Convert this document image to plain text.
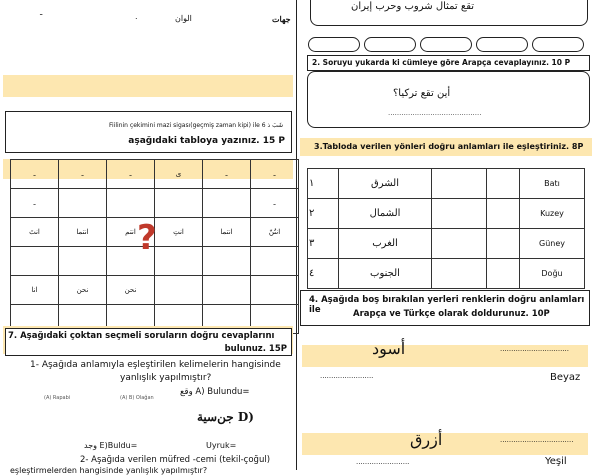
ـ	.	الوان	جهات
Fiilinin çekimini mazi sigası(geçmiş zaman kipi) ile 6 شَبَ ذ
aşağıdaki tabloya yazınız. 15 P
ـ	ـ	ـ	ى	ـ	ـ
ـ					ـ
انتَ	انتما	انتم	انتِ	انتما	انتُنّ

انا	نحن	نحن			

?
7. Aşağıdaki çoktan seçmeli soruların doğru cevaplarını
bulunuz. 15P
1- Aşağıda anlamıyla eşleştirilen kelimelerin hangisinde
yanlışlık yapılmıştır?
وقع A) Bulundu=
(A) Rapabi	(A) B) Olağan
جن‌سية D)
وجد E)Buldu=	Uyruk=
2- Aşağıda verilen müfred -cemi (tekil-çoğul)
eşleştirmelerden hangisinde yanlışlık yapılmıştır?
تقع تمثال شروب وحرب إيران
2. Soruyu yukarda ki cümleye göre Arapça cevaplayınız. 10 P
أين تقع تركيا؟
..........................................
3.Tabloda verilen yönleri doğru anlamları ile eşleştiriniz. 8P
١	الشرق			Batı
٢	الشمال			Kuzey
٣	الغرب			Güney
٤	الجنوب			Doğu
4. Aşağıda boş bırakılan yerleri renklerin doğru anlamları ile	Arapça ve Türkçe olarak doldurunuz. 10P
أسود	...............................
........................	Beyaz
أزرق	.................................
........................	Yeşil
